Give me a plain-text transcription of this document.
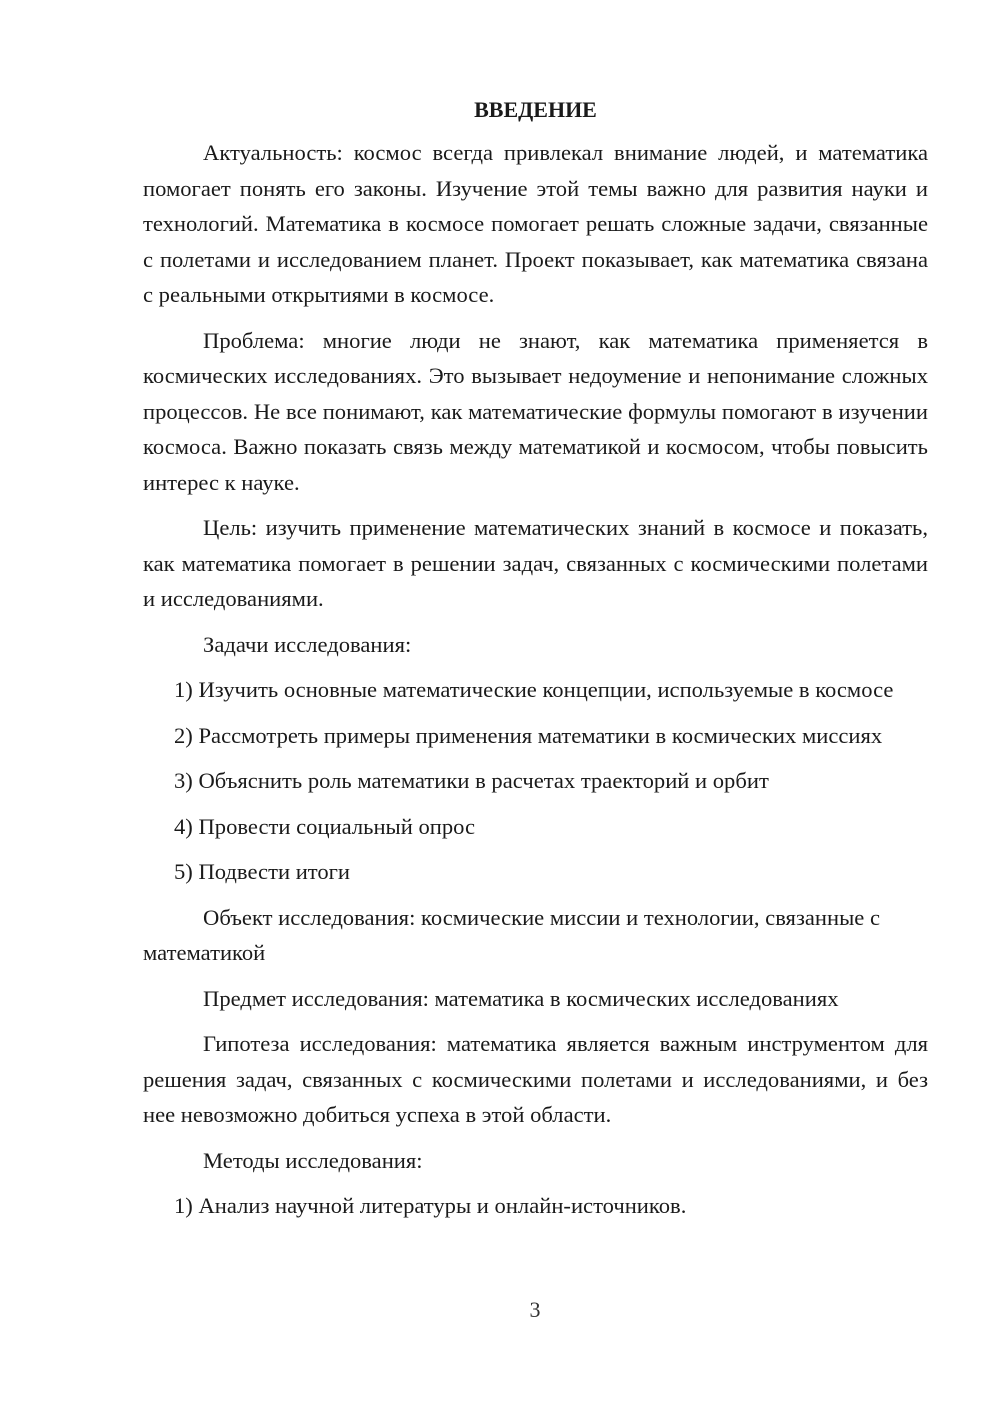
ВВЕДЕНИЕ

Актуальность: космос всегда привлекал внимание людей, и математика помогает понять его законы. Изучение этой темы важно для развития науки и технологий. Математика в космосе помогает решать сложные задачи, связанные с полетами и исследованием планет. Проект показывает, как математика связана с реальными открытиями в космосе.

Проблема: многие люди не знают, как математика применяется в космических исследованиях. Это вызывает недоумение и непонимание сложных процессов. Не все понимают, как математические формулы помогают в изучении космоса. Важно показать связь между математикой и космосом, чтобы повысить интерес к науке.

Цель: изучить применение математических знаний в космосе и показать, как математика помогает в решении задач, связанных с космическими полетами и исследованиями.

Задачи исследования:

1) Изучить основные математические концепции, используемые в космосе

2) Рассмотреть примеры применения математики в космических миссиях

3) Объяснить роль математики в расчетах траекторий и орбит

4) Провести социальный опрос

5) Подвести итоги

Объект исследования: космические миссии и технологии, связанные с математикой

Предмет исследования: математика в космических исследованиях

Гипотеза исследования: математика является важным инструментом для решения задач, связанных с космическими полетами и исследованиями, и без нее невозможно добиться успеха в этой области.

Методы исследования:

1) Анализ научной литературы и онлайн-источников.

3
